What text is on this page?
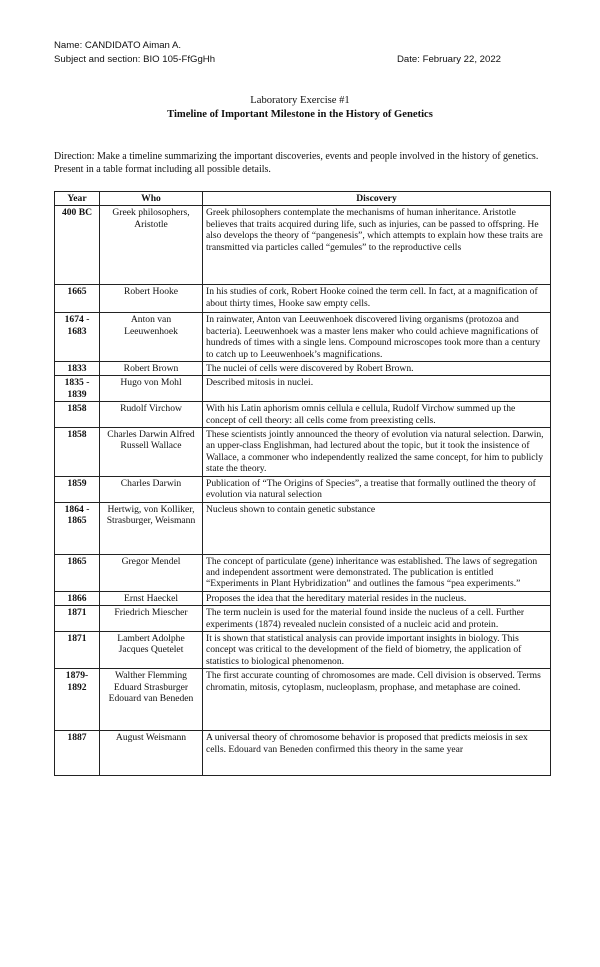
Name: CANDIDATO Aiman A.
Subject and section: BIO 105-FfGgHh	Date: February 22, 2022
Laboratory Exercise #1
Timeline of Important Milestone in the History of Genetics
Direction: Make a timeline summarizing the important discoveries, events and people involved in the history of genetics. Present in a table format including all possible details.
Year	Who	Discovery
400 BC	Greek philosophers, Aristotle	Greek philosophers contemplate the mechanisms of human inheritance. Aristotle believes that traits acquired during life, such as injuries, can be passed to offspring. He also develops the theory of “pangenesis”, which attempts to explain how these traits are transmitted via particles called “gemules” to the reproductive cells
1665	Robert Hooke	In his studies of cork, Robert Hooke coined the term cell. In fact, at a magnification of about thirty times, Hooke saw empty cells.
1674 - 1683	Anton van Leeuwenhoek	In rainwater, Anton van Leeuwenhoek discovered living organisms (protozoa and bacteria). Leeuwenhoek was a master lens maker who could achieve magnifications of hundreds of times with a single lens. Compound microscopes took more than a century to catch up to Leeuwenhoek’s magnifications.
1833	Robert Brown	The nuclei of cells were discovered by Robert Brown.
1835 - 1839	Hugo von Mohl	Described mitosis in nuclei.
1858	Rudolf Virchow	With his Latin aphorism omnis cellula e cellula, Rudolf Virchow summed up the concept of cell theory: all cells come from preexisting cells.
1858	Charles Darwin Alfred Russell Wallace	These scientists jointly announced the theory of evolution via natural selection. Darwin, an upper-class Englishman, had lectured about the topic, but it took the insistence of Wallace, a commoner who independently realized the same concept, for him to publicly state the theory.
1859	Charles Darwin	Publication of “The Origins of Species”, a treatise that formally outlined the theory of evolution via natural selection
1864 - 1865	Hertwig, von Kolliker, Strasburger, Weismann	Nucleus shown to contain genetic substance
1865	Gregor Mendel	The concept of particulate (gene) inheritance was established. The laws of segregation and independent assortment were demonstrated. The publication is entitled “Experiments in Plant Hybridization” and outlines the famous “pea experiments.”
1866	Ernst Haeckel	Proposes the idea that the hereditary material resides in the nucleus.
1871	Friedrich Miescher	The term nuclein is used for the material found inside the nucleus of a cell. Further experiments (1874) revealed nuclein consisted of a nucleic acid and protein.
1871	Lambert Adolphe Jacques Quetelet	It is shown that statistical analysis can provide important insights in biology. This concept was critical to the development of the field of biometry, the application of statistics to biological phenomenon.
1879-1892	Walther Flemming Eduard Strasburger Edouard van Beneden	The first accurate counting of chromosomes are made. Cell division is observed. Terms chromatin, mitosis, cytoplasm, nucleoplasm, prophase, and metaphase are coined.
1887	August Weismann	A universal theory of chromosome behavior is proposed that predicts meiosis in sex cells. Edouard van Beneden confirmed this theory in the same year
